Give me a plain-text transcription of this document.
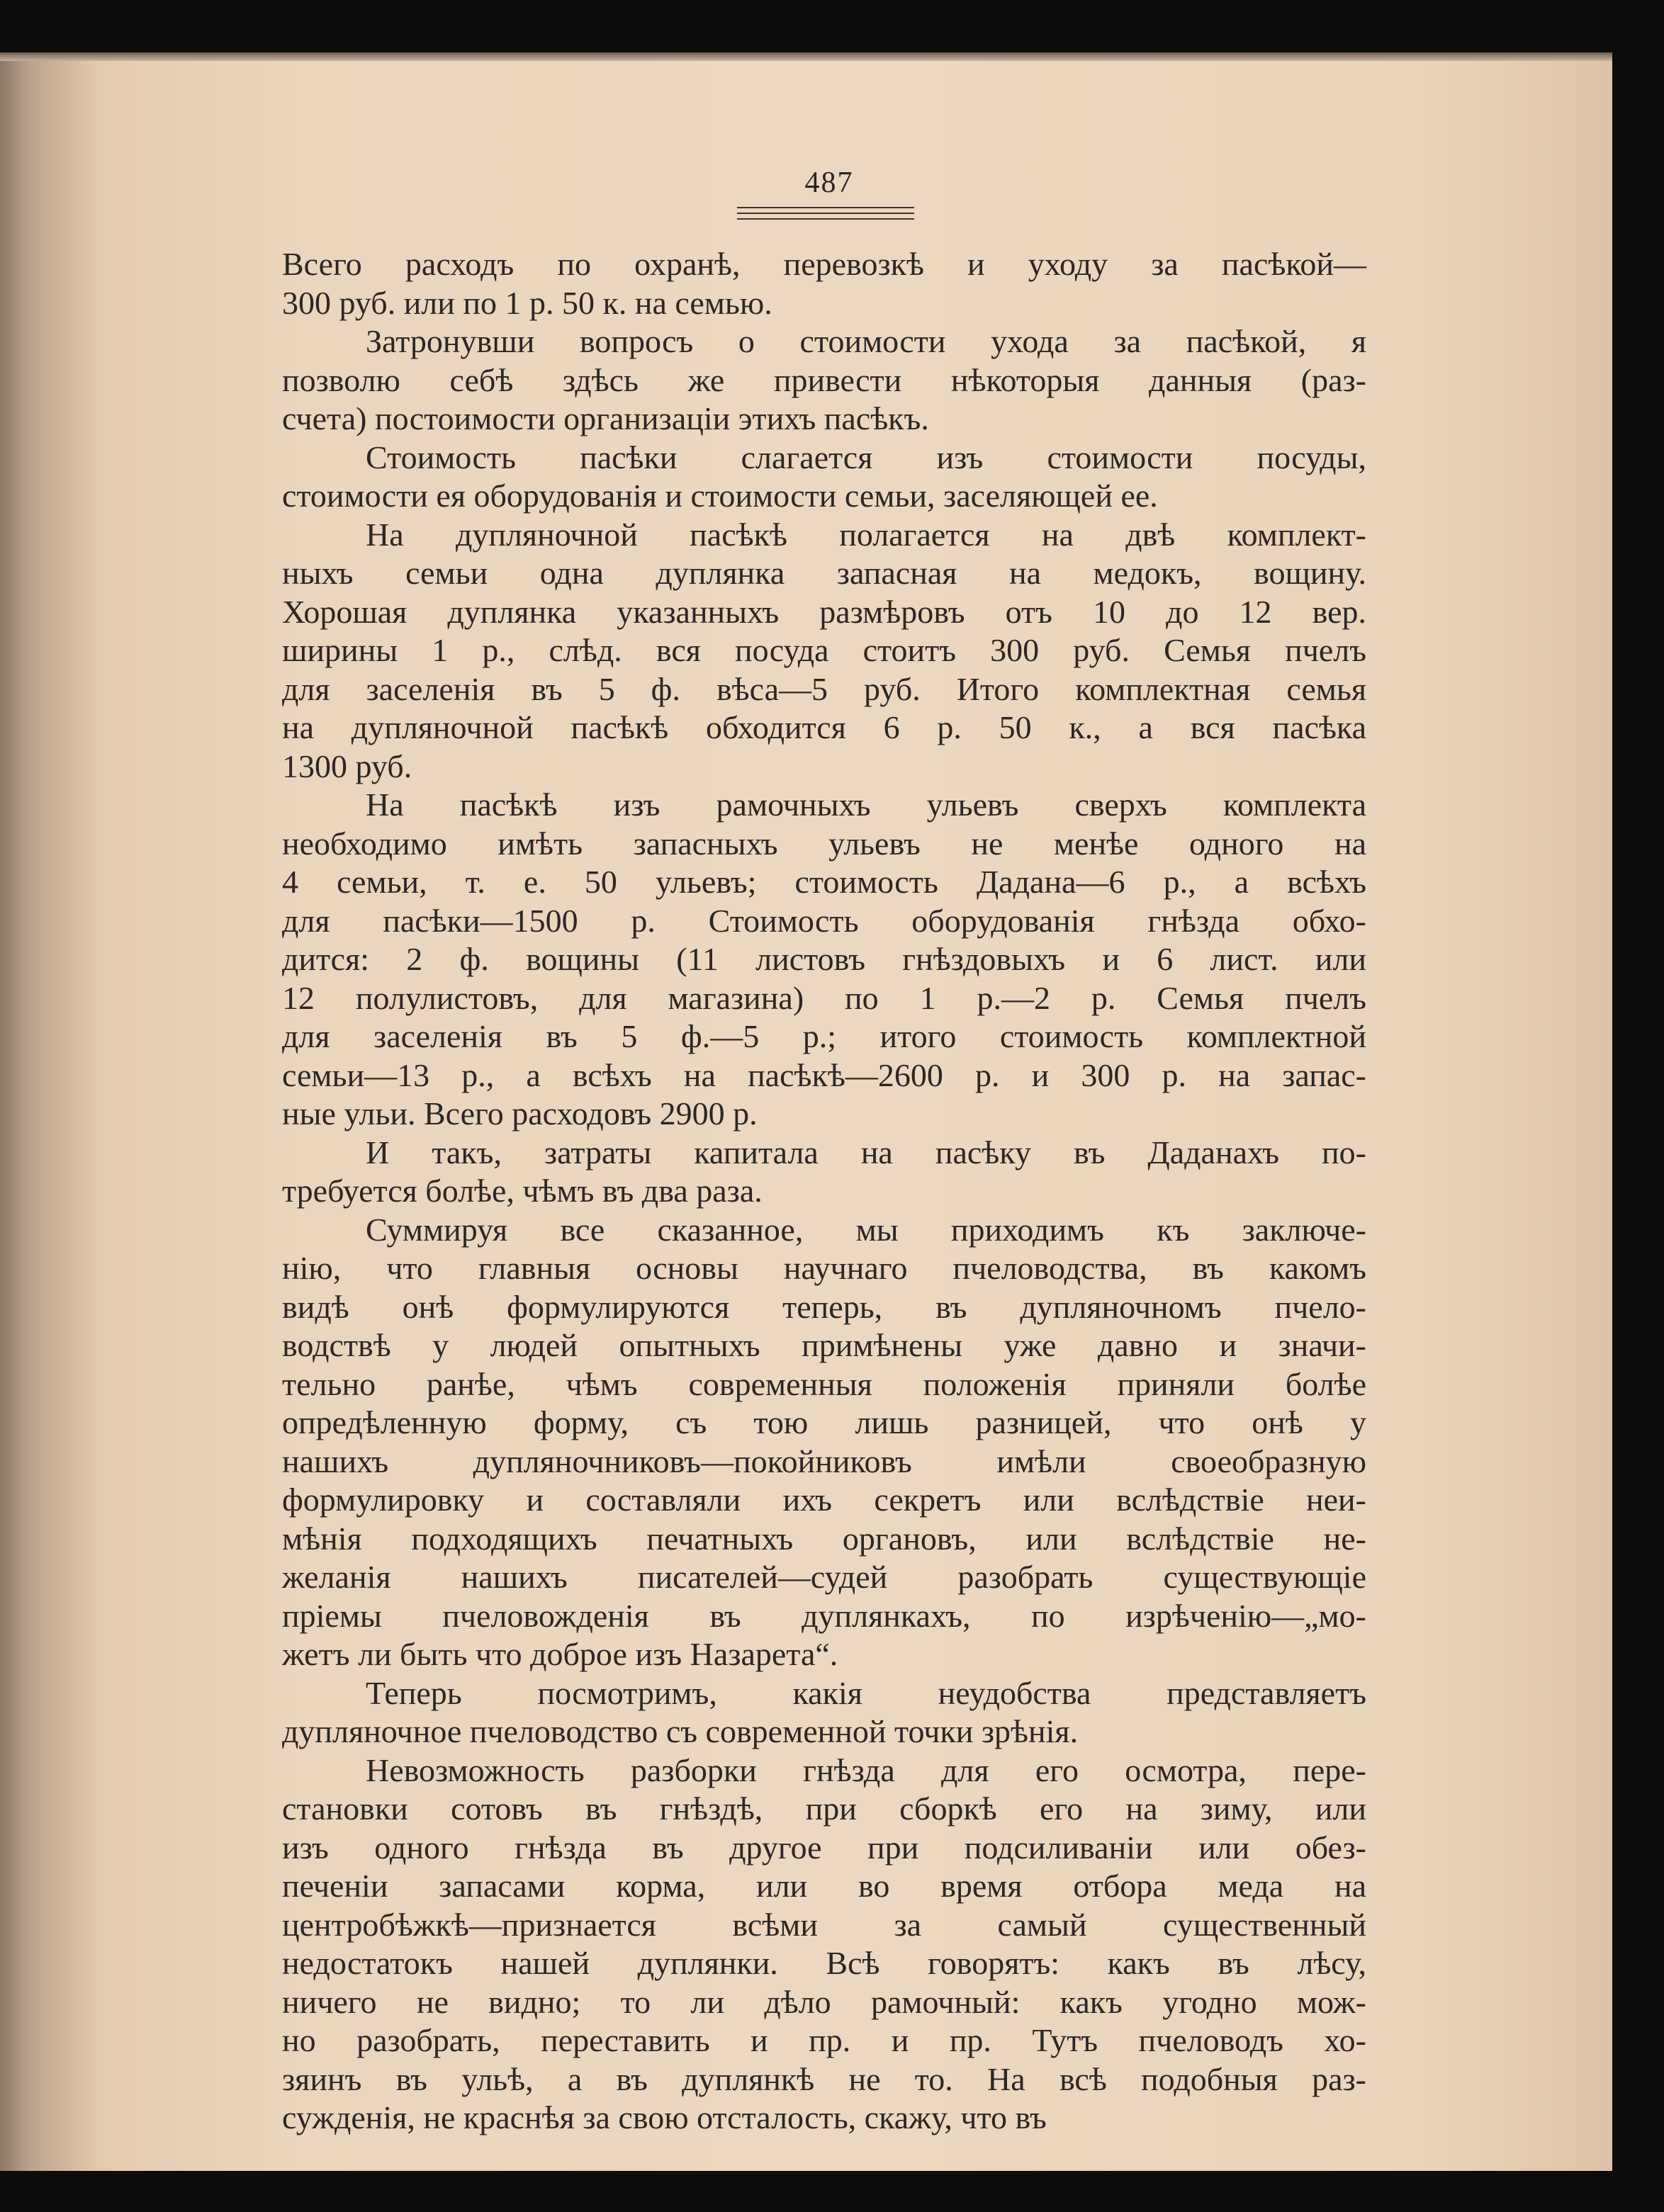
487
Всего расходъ по охранѣ, перевозкѣ и уходу за пасѣкой—
300 руб. или по 1 р. 50 к. на семью.
Затронувши вопросъ о стоимости ухода за пасѣкой, я
позволю себѣ здѣсь же привести нѣкоторыя данныя (раз-
счета) постоимости организаціи этихъ пасѣкъ.
Стоимость пасѣки слагается изъ стоимости посуды,
стоимости ея оборудованія и стоимости семьи, заселяющей ее.
На дупляночной пасѣкѣ полагается на двѣ комплект-
ныхъ семьи одна дуплянка запасная на медокъ, вощину.
Хорошая дуплянка указанныхъ размѣровъ отъ 10 до 12 вер.
ширины 1 р., слѣд. вся посуда стоитъ 300 руб. Семья пчелъ
для заселенія въ 5 ф. вѣса—5 руб. Итого комплектная семья
на дупляночной пасѣкѣ обходится 6 р. 50 к., а вся пасѣка
1300 руб.
На пасѣкѣ изъ рамочныхъ ульевъ сверхъ комплекта
необходимо имѣть запасныхъ ульевъ не менѣе одного на
4 семьи, т. е. 50 ульевъ; стоимость Дадана—6 р., а всѣхъ
для пасѣки—1500 р. Стоимость оборудованія гнѣзда обхо-
дится: 2 ф. вощины (11 листовъ гнѣздовыхъ и 6 лист. или
12 полулистовъ, для магазина) по 1 р.—2 р. Семья пчелъ
для заселенія въ 5 ф.—5 р.; итого стоимость комплектной
семьи—13 р., а всѣхъ на пасѣкѣ—2600 р. и 300 р. на запас-
ные ульи. Всего расходовъ 2900 р.
И такъ, затраты капитала на пасѣку въ Даданахъ по-
требуется болѣе, чѣмъ въ два раза.
Суммируя все сказанное, мы приходимъ къ заключе-
нію, что главныя основы научнаго пчеловодства, въ какомъ
видѣ онѣ формулируются теперь, въ дупляночномъ пчело-
водствѣ у людей опытныхъ примѣнены уже давно и значи-
тельно ранѣе, чѣмъ современныя положенія приняли болѣе
опредѣленную форму, съ тою лишь разницей, что онѣ у
нашихъ дупляночниковъ—покойниковъ имѣли своеобразную
формулировку и составляли ихъ секретъ или вслѣдствіе неи-
мѣнія подходящихъ печатныхъ органовъ, или вслѣдствіе не-
желанія нашихъ писателей—судей разобрать существующіе
пріемы пчеловожденія въ дуплянкахъ, по изрѣченію—„мо-
жетъ ли быть что доброе изъ Назарета“.
Теперь посмотримъ, какія неудобства представляетъ
дупляночное пчеловодство съ современной точки зрѣнія.
Невозможность разборки гнѣзда для его осмотра, пере-
становки сотовъ въ гнѣздѣ, при сборкѣ его на зиму, или
изъ одного гнѣзда въ другое при подсиливаніи или обез-
печеніи запасами корма, или во время отбора меда на
центробѣжкѣ—признается всѣми за самый существенный
недостатокъ нашей дуплянки. Всѣ говорятъ: какъ въ лѣсу,
ничего не видно; то ли дѣло рамочный: какъ угодно мож-
но разобрать, переставить и пр. и пр. Тутъ пчеловодъ хо-
зяинъ въ ульѣ, а въ дуплянкѣ не то. На всѣ подобныя раз-
сужденія, не краснѣя за свою отсталость, скажу, что въ
